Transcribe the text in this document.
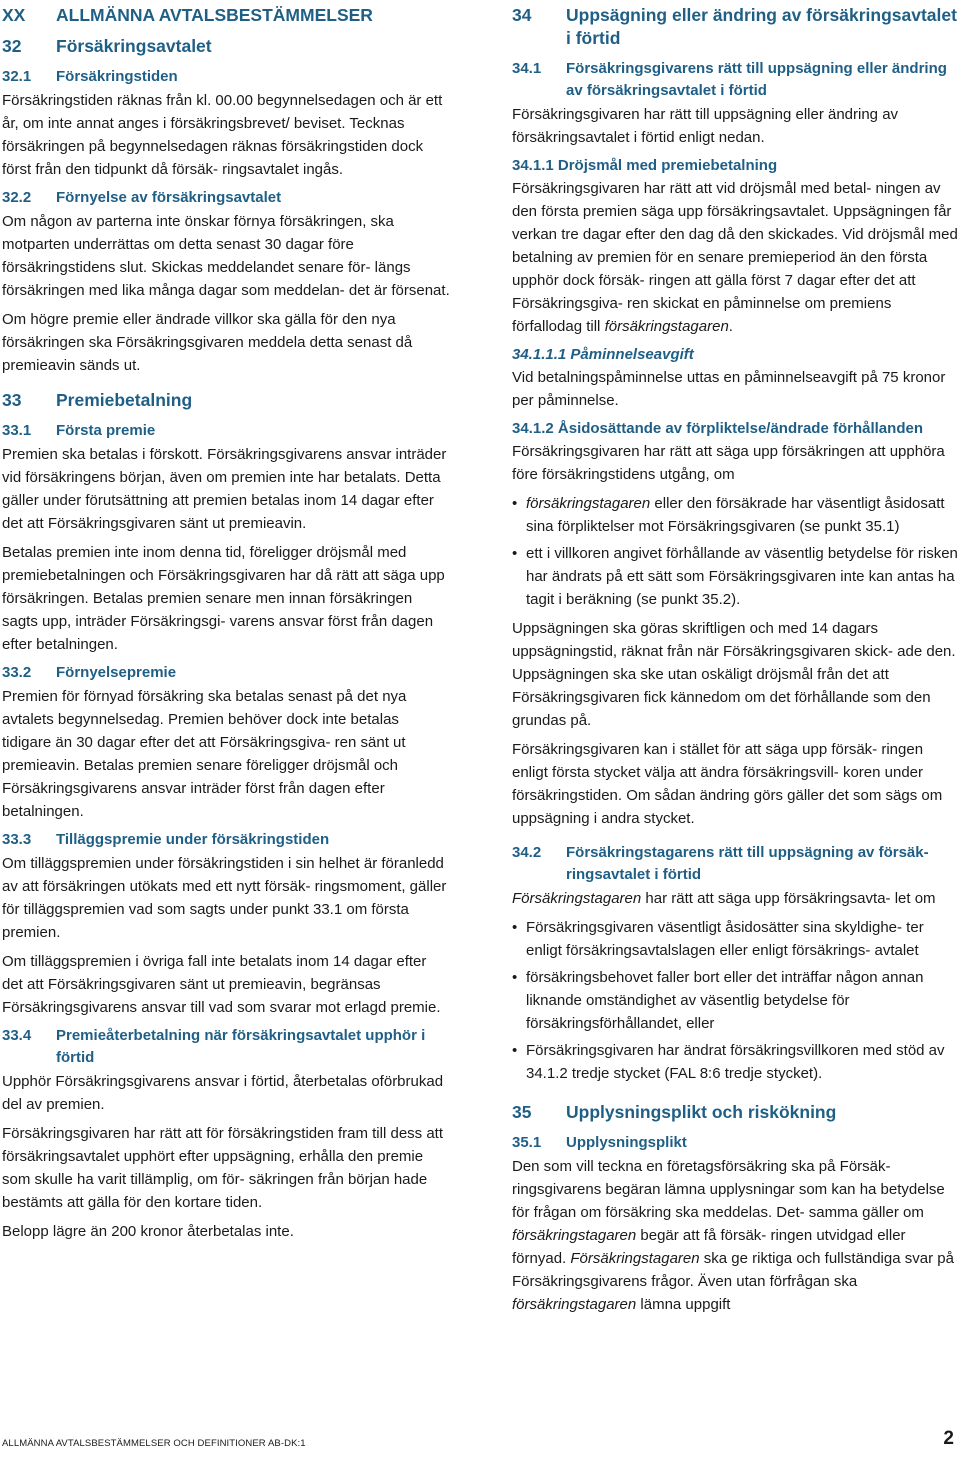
XX	ALLMÄNNA AVTALSBESTÄMMELSER
32	Försäkringsavtalet
32.1	Försäkringstiden

Försäkringstiden räknas från kl. 00.00 begynnelsedagen och är ett år, om inte annat anges i försäkringsbrevet/ beviset. Tecknas försäkringen på begynnelsedagen räknas försäkringstiden dock först från den tidpunkt då försäk- ringsavtalet ingås.

32.2	Förnyelse av försäkringsavtalet

Om någon av parterna inte önskar förnya försäkringen, ska motparten underrättas om detta senast 30 dagar före försäkringstidens slut. Skickas meddelandet senare för- längs försäkringen med lika många dagar som meddelan- det är försenat.

Om högre premie eller ändrade villkor ska gälla för den nya försäkringen ska Försäkringsgivaren meddela detta senast då premieavin sänds ut.

33	Premiebetalning
33.1	Första premie

Premien ska betalas i förskott. Försäkringsgivarens ansvar inträder vid försäkringens början, även om premien inte har betalats. Detta gäller under förutsättning att premien betalas inom 14 dagar efter det att Försäkringsgivaren sänt ut premieavin.

Betalas premien inte inom denna tid, föreligger dröjsmål med premiebetalningen och Försäkringsgivaren har då rätt att säga upp försäkringen. Betalas premien senare men innan försäkringen sagts upp, inträder Försäkringsgi- varens ansvar först från dagen efter betalningen.

33.2	Förnyelsepremie

Premien för förnyad försäkring ska betalas senast på det nya avtalets begynnelsedag. Premien behöver dock inte betalas tidigare än 30 dagar efter det att Försäkringsgiva- ren sänt ut premieavin. Betalas premien senare föreligger dröjsmål och Försäkringsgivarens ansvar inträder först från dagen efter betalningen.

33.3	Tilläggspremie under försäkringstiden

Om tilläggspremien under försäkringstiden i sin helhet är föranledd av att försäkringen utökats med ett nytt försäk- ringsmoment, gäller för tilläggspremien vad som sagts under punkt 33.1 om första premien.

Om tilläggspremien i övriga fall inte betalats inom 14 dagar efter det att Försäkringsgivaren sänt ut premieavin, begränsas Försäkringsgivarens ansvar till vad som svarar mot erlagd premie.

33.4	Premieåterbetalning när försäkringsavtalet upphör i förtid

Upphör Försäkringsgivarens ansvar i förtid, återbetalas oförbrukad del av premien.

Försäkringsgivaren har rätt att för försäkringstiden fram till dess att försäkringsavtalet upphört efter uppsägning, erhålla den premie som skulle ha varit tillämplig, om för- säkringen från början hade bestämts att gälla för den kortare tiden.

Belopp lägre än 200 kronor återbetalas inte.

34	Uppsägning eller ändring av försäkringsavtalet i förtid
34.1	Försäkringsgivarens rätt till uppsägning eller ändring av försäkringsavtalet i förtid

Försäkringsgivaren har rätt till uppsägning eller ändring av försäkringsavtalet i förtid enligt nedan.

34.1.1 Dröjsmål med premiebetalning

Försäkringsgivaren har rätt att vid dröjsmål med betal- ningen av den första premien säga upp försäkringsavtalet. Uppsägningen får verkan tre dagar efter den dag då den skickades. Vid dröjsmål med betalning av premien för en senare premieperiod än den första upphör dock försäk- ringen att gälla först 7 dagar efter det att Försäkringsgiva- ren skickat en påminnelse om premiens förfallodag till försäkringstagaren.

34.1.1.1 Påminnelseavgift

Vid betalningspåminnelse uttas en påminnelseavgift på 75 kronor per påminnelse.

34.1.2 Åsidosättande av förpliktelse/ändrade förhållanden

Försäkringsgivaren har rätt att säga upp försäkringen att upphöra före försäkringstidens utgång, om

• försäkringstagaren eller den försäkrade har väsentligt åsidosatt sina förpliktelser mot Försäkringsgivaren (se punkt 35.1)
• ett i villkoren angivet förhållande av väsentlig betydelse för risken har ändrats på ett sätt som Försäkringsgivaren inte kan antas ha tagit i beräkning (se punkt 35.2).

Uppsägningen ska göras skriftligen och med 14 dagars uppsägningstid, räknat från när Försäkringsgivaren skick- ade den. Uppsägningen ska ske utan oskäligt dröjsmål från det att Försäkringsgivaren fick kännedom om det förhållande som den grundas på.

Försäkringsgivaren kan i stället för att säga upp försäk- ringen enligt första stycket välja att ändra försäkringsvill- koren under försäkringstiden. Om sådan ändring görs gäller det som sägs om uppsägning i andra stycket.

34.2	Försäkringstagarens rätt till uppsägning av försäk- ringsavtalet i förtid

Försäkringstagaren har rätt att säga upp försäkringsavta- let om

• Försäkringsgivaren väsentligt åsidosätter sina skyldighe- ter enligt försäkringsavtalslagen eller enligt försäkrings- avtalet
• försäkringsbehovet faller bort eller det inträffar någon annan liknande omständighet av väsentlig betydelse för försäkringsförhållandet, eller
• Försäkringsgivaren har ändrat försäkringsvillkoren med stöd av 34.1.2 tredje stycket (FAL 8:6 tredje stycket).
35	Upplysningsplikt och riskökning
35.1	Upplysningsplikt

Den som vill teckna en företagsförsäkring ska på Försäk- ringsgivarens begäran lämna upplysningar som kan ha betydelse för frågan om försäkring ska meddelas. Det- samma gäller om försäkringstagaren begär att få försäk- ringen utvidgad eller förnyad. Försäkringstagaren ska ge riktiga och fullständiga svar på Försäkringsgivarens frågor. Även utan förfrågan ska försäkringstagaren lämna uppgift

ALLMÄNNA AVTALSBESTÄMMELSER OCH DEFINITIONER AB-DK:1	2
